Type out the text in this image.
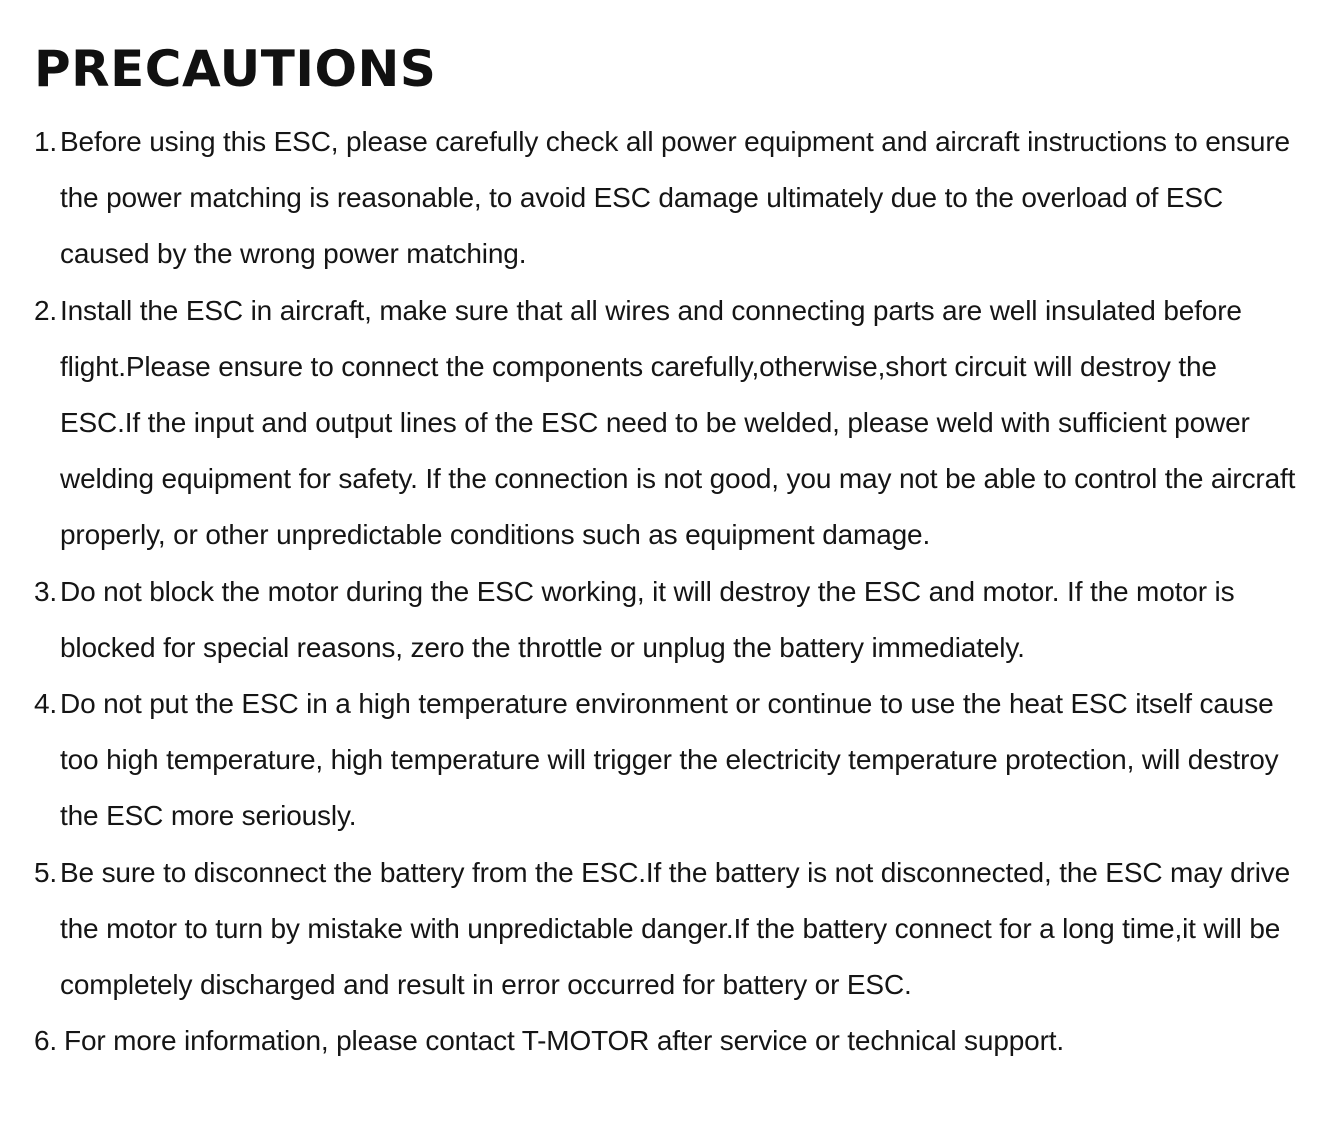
PRECAUTIONS
1. Before using this ESC, please carefully check all power equipment and aircraft instructions to ensure the power matching is reasonable, to avoid ESC damage ultimately due to the overload of ESC caused by the wrong power matching.
2. Install the ESC in aircraft, make sure that all wires and connecting parts are well insulated before flight.Please ensure to connect the components carefully,otherwise,short circuit will destroy the ESC.If the input and output lines of the ESC need to be welded, please weld with sufficient power welding equipment for safety. If the connection is not good, you may not be able to control the aircraft properly, or other unpredictable conditions such as equipment damage.
3. Do not block the motor during the ESC working, it will destroy the ESC and motor. If the motor is blocked for special reasons, zero the throttle or unplug the battery immediately.
4. Do not put the ESC in a high temperature environment or continue to use the heat ESC itself cause too high temperature, high temperature will trigger the electricity temperature protection, will destroy the ESC more seriously.
5. Be sure to disconnect the battery from the ESC.If the battery is not disconnected, the ESC may drive the motor to turn by mistake with unpredictable danger.If the battery connect for a long time,it will be completely discharged and result in error occurred for battery or ESC.
6. For more information, please contact T-MOTOR after service or technical support.
